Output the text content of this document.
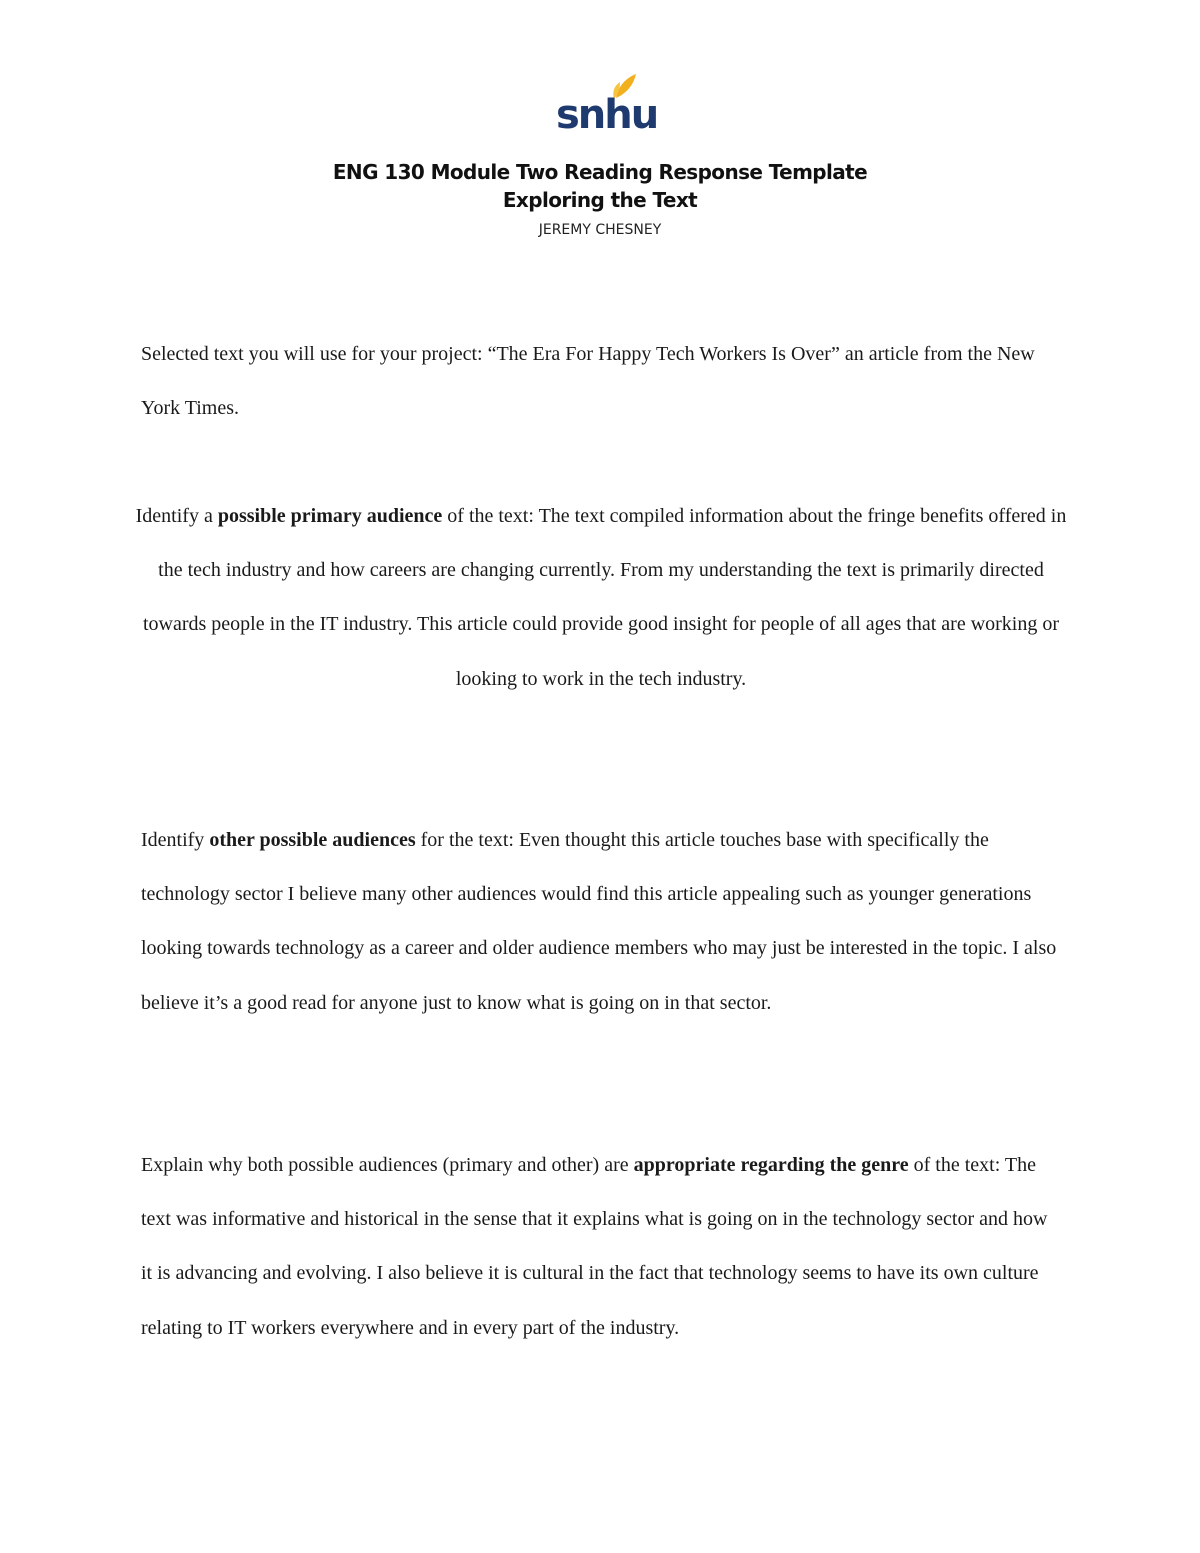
snhu
ENG 130 Module Two Reading Response Template
Exploring the Text
JEREMY CHESNEY

Selected text you will use for your project: “The Era For Happy Tech Workers Is Over” an article from the New York Times.

Identify a possible primary audience of the text: The text compiled information about the fringe benefits offered in the tech industry and how careers are changing currently. From my understanding the text is primarily directed towards people in the IT industry. This article could provide good insight for people of all ages that are working or looking to work in the tech industry.

Identify other possible audiences for the text: Even thought this article touches base with specifically the technology sector I believe many other audiences would find this article appealing such as younger generations looking towards technology as a career and older audience members who may just be interested in the topic. I also believe it’s a good read for anyone just to know what is going on in that sector.

Explain why both possible audiences (primary and other) are appropriate regarding the genre of the text: The text was informative and historical in the sense that it explains what is going on in the technology sector and how it is advancing and evolving. I also believe it is cultural in the fact that technology seems to have its own culture relating to IT workers everywhere and in every part of the industry.
